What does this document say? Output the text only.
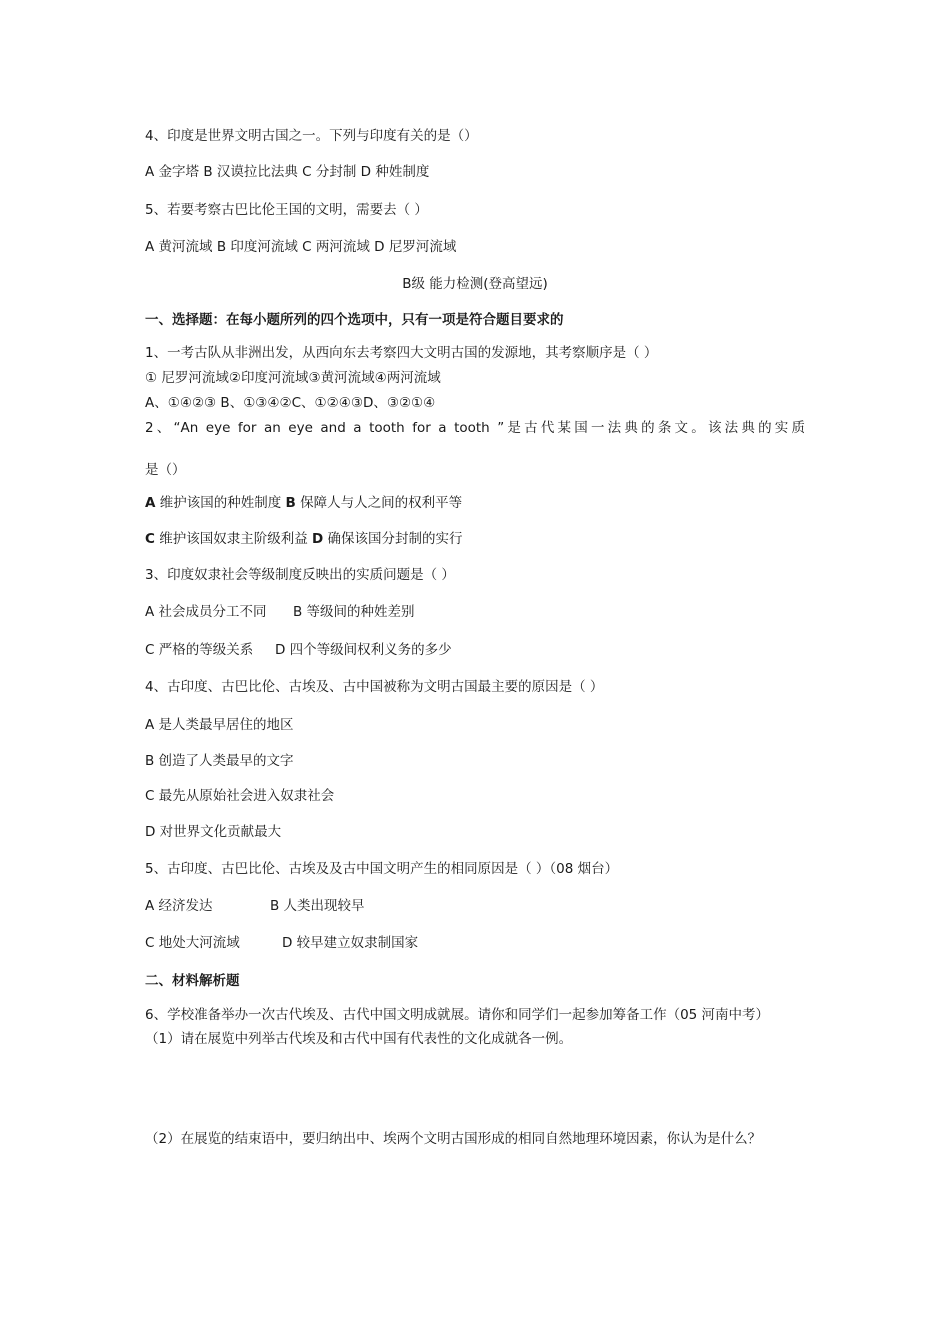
4、印度是世界文明古国之一。下列与印度有关的是（）
A 金字塔 B 汉谟拉比法典 C 分封制 D 种姓制度
5、若要考察古巴比伦王国的文明，需要去（ ）
A 黄河流域 B 印度河流域 C 两河流域 D 尼罗河流域
B级 能力检测(登高望远)
一、选择题：在每小题所列的四个选项中，只有一项是符合题目要求的
1、一考古队从非洲出发，从西向东去考察四大文明古国的发源地，其考察顺序是（ ）
① 尼罗河流域②印度河流域③黄河流域④两河流域
A、①④②③ B、①③④②C、①②④③D、③②①④
2、“An eye for an eye and a tooth for a tooth ”是古代某国一法典的条文。该法典的实质
是（）
A 维护该国的种姓制度 B 保障人与人之间的权利平等
C 维护该国奴隶主阶级利益 D 确保该国分封制的实行
3、印度奴隶社会等级制度反映出的实质问题是（ ）
A 社会成员分工不同 B 等级间的种姓差别
C 严格的等级关系 D 四个等级间权利义务的多少
4、古印度、古巴比伦、古埃及、古中国被称为文明古国最主要的原因是（ ）
A 是人类最早居住的地区
B 创造了人类最早的文字
C 最先从原始社会进入奴隶社会
D 对世界文化贡献最大
5、古印度、古巴比伦、古埃及及古中国文明产生的相同原因是（ ）（08 烟台）
A 经济发达	B 人类出现较早
C 地处大河流域	D 较早建立奴隶制国家
二、材料解析题
6、学校准备举办一次古代埃及、古代中国文明成就展。请你和同学们一起参加筹备工作（05 河南中考）
（1）请在展览中列举古代埃及和古代中国有代表性的文化成就各一例。
（2）在展览的结束语中，要归纳出中、埃两个文明古国形成的相同自然地理环境因素，你认为是什么？
